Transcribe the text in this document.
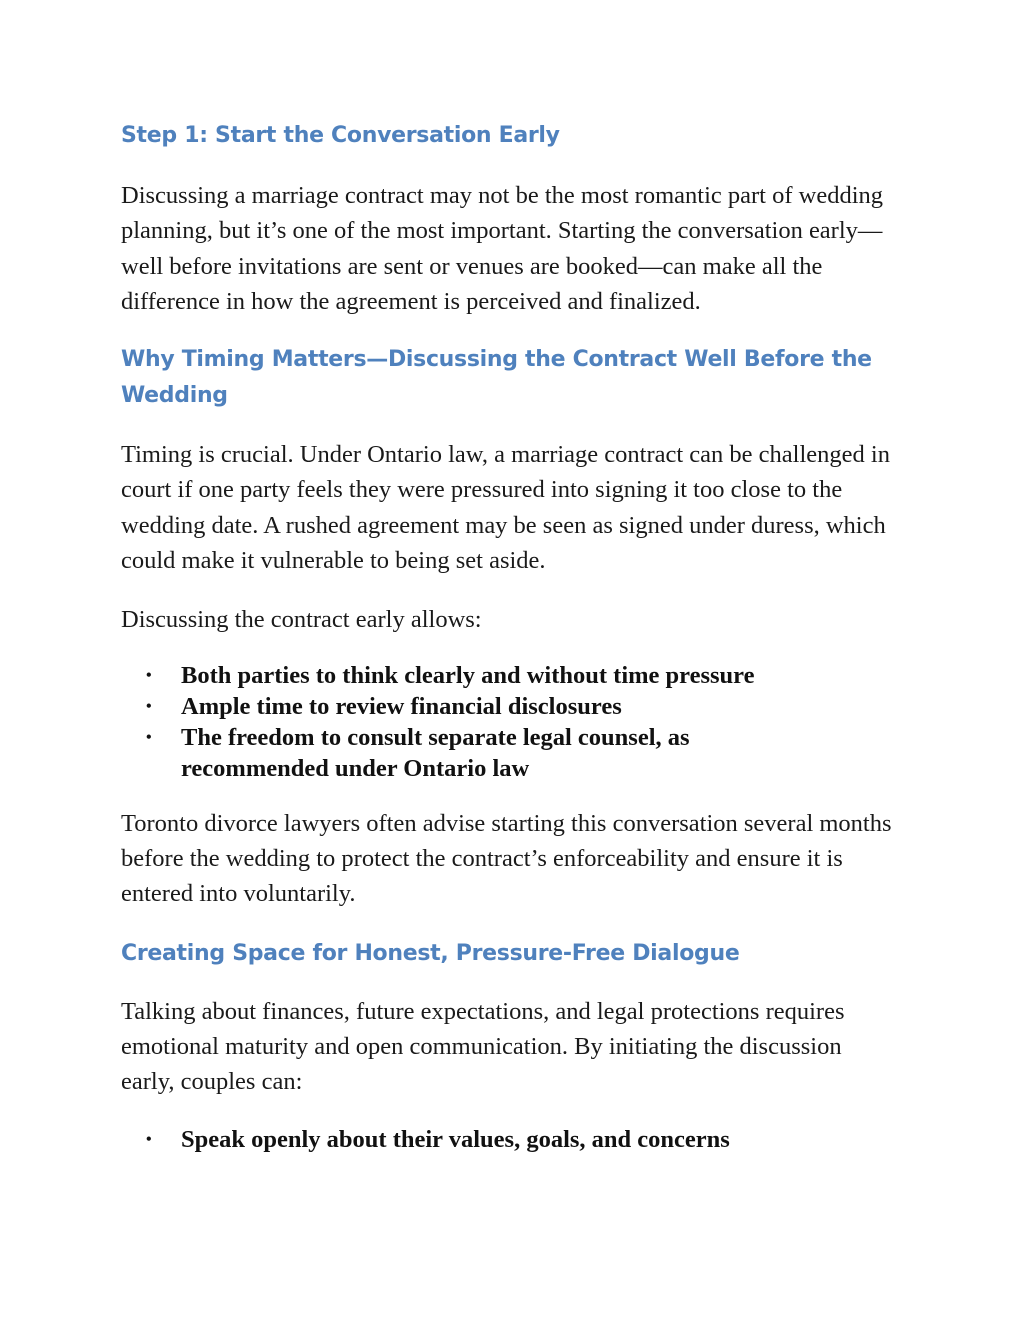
Step 1: Start the Conversation Early

Discussing a marriage contract may not be the most romantic part of wedding planning, but it’s one of the most important. Starting the conversation early—well before invitations are sent or venues are booked—can make all the difference in how the agreement is perceived and finalized.

Why Timing Matters—Discussing the Contract Well Before the Wedding

Timing is crucial. Under Ontario law, a marriage contract can be challenged in court if one party feels they were pressured into signing it too close to the wedding date. A rushed agreement may be seen as signed under duress, which could make it vulnerable to being set aside.

Discussing the contract early allows:

• Both parties to think clearly and without time pressure
• Ample time to review financial disclosures
• The freedom to consult separate legal counsel, as recommended under Ontario law

Toronto divorce lawyers often advise starting this conversation several months before the wedding to protect the contract’s enforceability and ensure it is entered into voluntarily.

Creating Space for Honest, Pressure-Free Dialogue

Talking about finances, future expectations, and legal protections requires emotional maturity and open communication. By initiating the discussion early, couples can:

• Speak openly about their values, goals, and concerns
